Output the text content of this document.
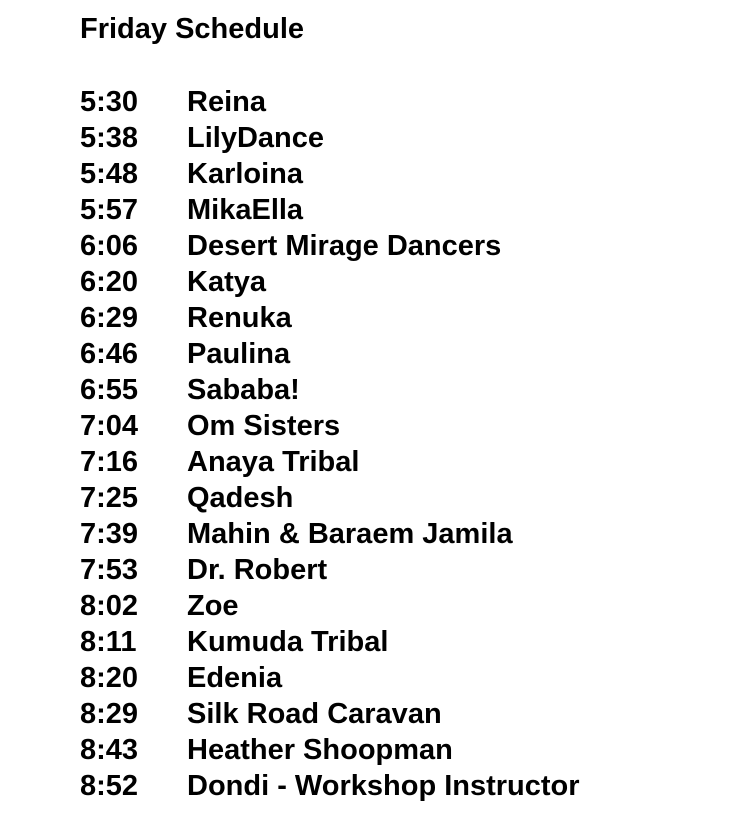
Friday Schedule
5:30	Reina
5:38	LilyDance
5:48	Karloina
5:57	MikaElla
6:06	Desert Mirage Dancers
6:20	Katya
6:29	Renuka
6:46	Paulina
6:55	Sababa!
7:04	Om Sisters
7:16	Anaya Tribal
7:25	Qadesh
7:39	Mahin & Baraem Jamila
7:53	Dr. Robert
8:02	Zoe
8:11	Kumuda Tribal
8:20	Edenia
8:29	Silk Road Caravan
8:43	Heather Shoopman
8:52	Dondi - Workshop Instructor
